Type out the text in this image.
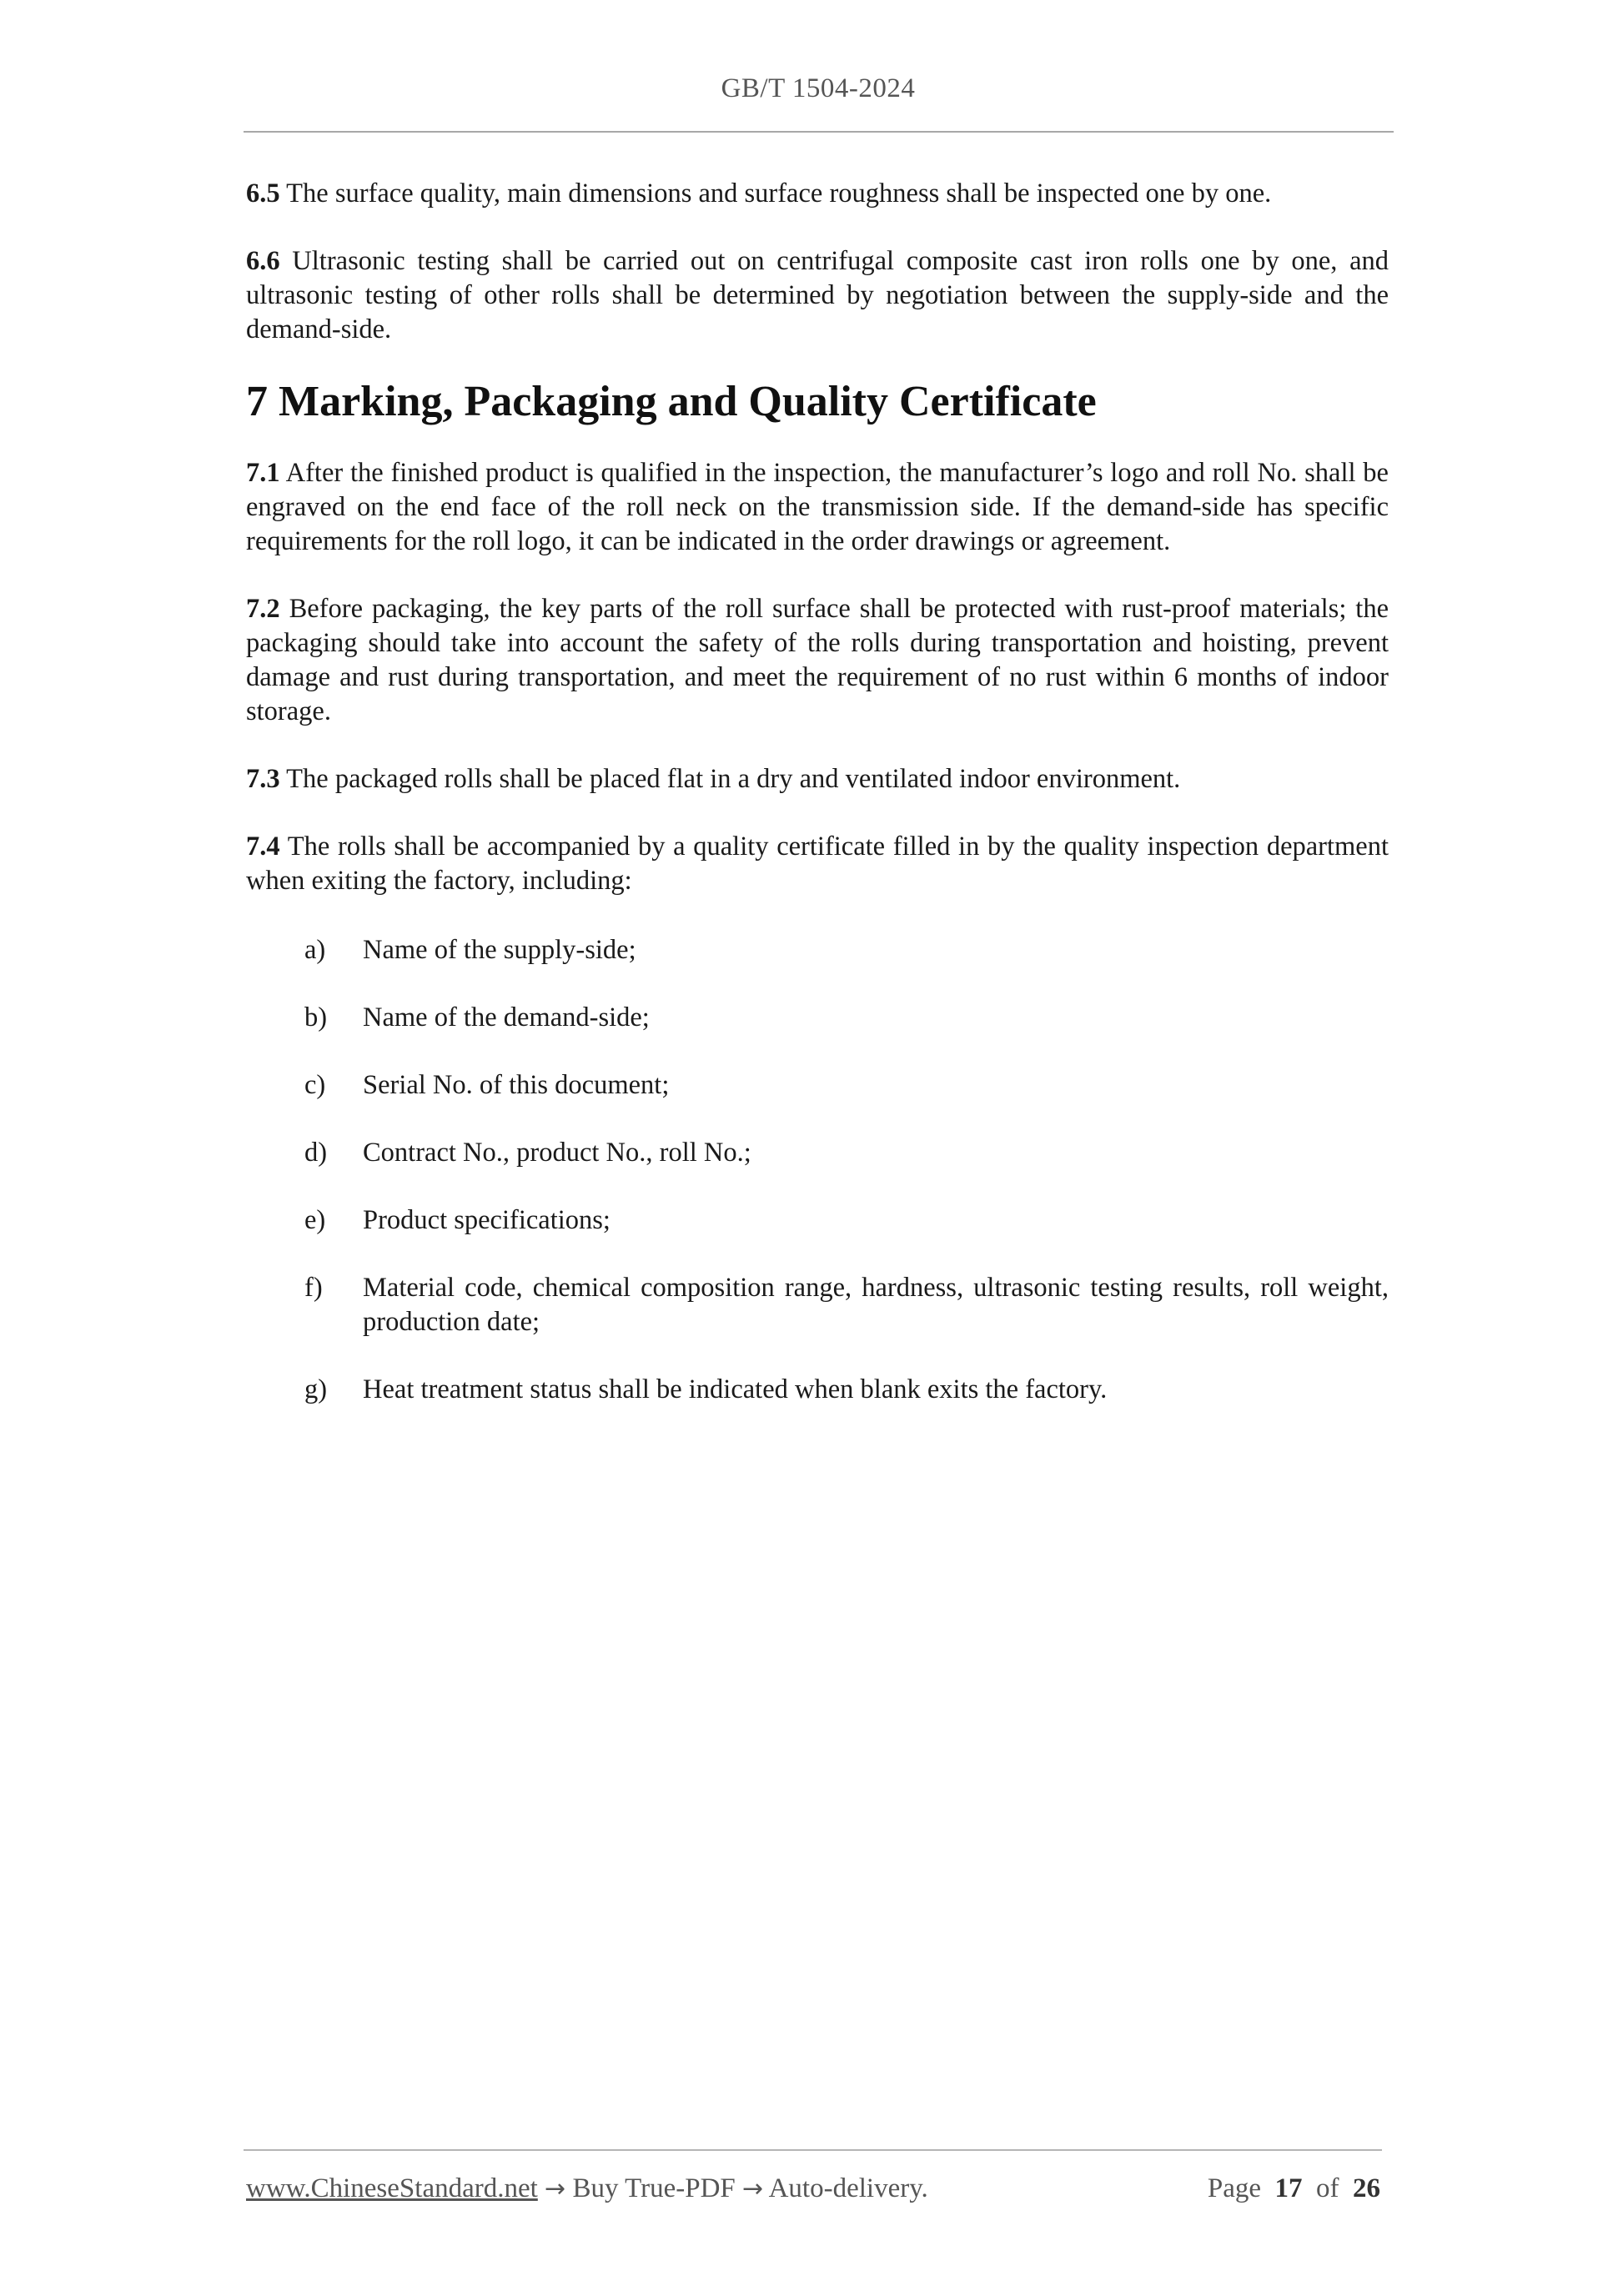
GB/T 1504-2024

6.5 The surface quality, main dimensions and surface roughness shall be inspected one by one.

6.6 Ultrasonic testing shall be carried out on centrifugal composite cast iron rolls one by one, and ultrasonic testing of other rolls shall be determined by negotiation between the supply-side and the demand-side.

7 Marking, Packaging and Quality Certificate

7.1 After the finished product is qualified in the inspection, the manufacturer’s logo and roll No. shall be engraved on the end face of the roll neck on the transmission side. If the demand-side has specific requirements for the roll logo, it can be indicated in the order drawings or agreement.

7.2 Before packaging, the key parts of the roll surface shall be protected with rust-proof materials; the packaging should take into account the safety of the rolls during transportation and hoisting, prevent damage and rust during transportation, and meet the requirement of no rust within 6 months of indoor storage.

7.3 The packaged rolls shall be placed flat in a dry and ventilated indoor environment.

7.4 The rolls shall be accompanied by a quality certificate filled in by the quality inspection department when exiting the factory, including:

a)	Name of the supply-side;
b)	Name of the demand-side;
c)	Serial No. of this document;
d)	Contract No., product No., roll No.;
e)	Product specifications;
f)	Material code, chemical composition range, hardness, ultrasonic testing results, roll weight, production date;
g)	Heat treatment status shall be indicated when blank exits the factory.
www.ChineseStandard.net → Buy True-PDF → Auto-delivery.	Page 17 of 26
